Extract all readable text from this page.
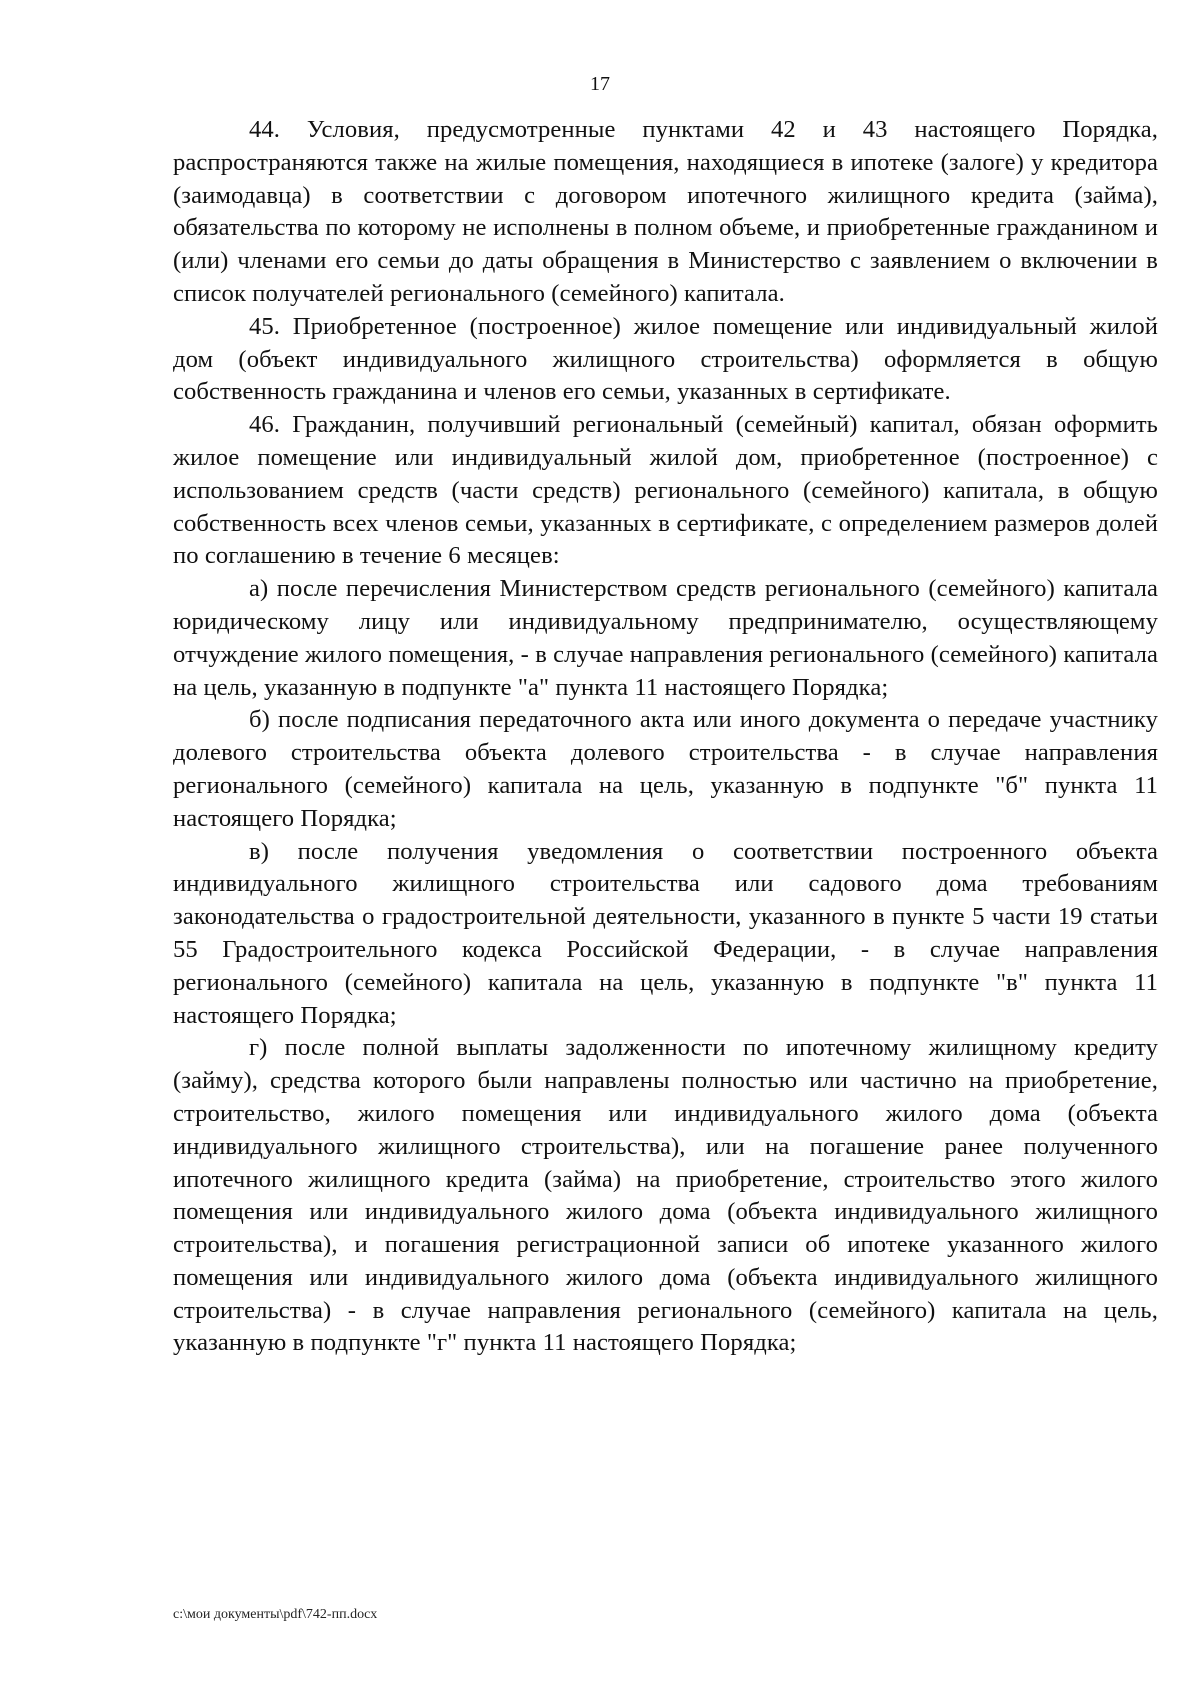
17

44. Условия, предусмотренные пунктами 42 и 43 настоящего Порядка, распространяются также на жилые помещения, находящиеся в ипотеке (залоге) у кредитора (заимодавца) в соответствии с договором ипотечного жилищного кредита (займа), обязательства по которому не исполнены в полном объеме, и приобретенные гражданином и (или) членами его семьи до даты обращения в Министерство с заявлением о включении в список получателей регионального (семейного) капитала.

45. Приобретенное (построенное) жилое помещение или индивидуальный жилой дом (объект индивидуального жилищного строительства) оформляется в общую собственность гражданина и членов его семьи, указанных в сертификате.

46. Гражданин, получивший региональный (семейный) капитал, обязан оформить жилое помещение или индивидуальный жилой дом, приобретенное (построенное) с использованием средств (части средств) регионального (семейного) капитала, в общую собственность всех членов семьи, указанных в сертификате, с определением размеров долей по соглашению в течение 6 месяцев:

а) после перечисления Министерством средств регионального (семейного) капитала юридическому лицу или индивидуальному предпринимателю, осуществляющему отчуждение жилого помещения, - в случае направления регионального (семейного) капитала на цель, указанную в подпункте "а" пункта 11 настоящего Порядка;

б) после подписания передаточного акта или иного документа о передаче участнику долевого строительства объекта долевого строительства - в случае направления регионального (семейного) капитала на цель, указанную в подпункте "б" пункта 11 настоящего Порядка;

в) после получения уведомления о соответствии построенного объекта индивидуального жилищного строительства или садового дома требованиям законодательства о градостроительной деятельности, указанного в пункте 5 части 19 статьи 55 Градостроительного кодекса Российской Федерации, - в случае направления регионального (семейного) капитала на цель, указанную в подпункте "в" пункта 11 настоящего Порядка;

г) после полной выплаты задолженности по ипотечному жилищному кредиту (займу), средства которого были направлены полностью или частично на приобретение, строительство, жилого помещения или индивидуального жилого дома (объекта индивидуального жилищного строительства), или на погашение ранее полученного ипотечного жилищного кредита (займа) на приобретение, строительство этого жилого помещения или индивидуального жилого дома (объекта индивидуального жилищного строительства), и погашения регистрационной записи об ипотеке указанного жилого помещения или индивидуального жилого дома (объекта индивидуального жилищного строительства) - в случае направления регионального (семейного) капитала на цель, указанную в подпункте "г" пункта 11 настоящего Порядка;

c:\мои документы\pdf\742-пп.docx
